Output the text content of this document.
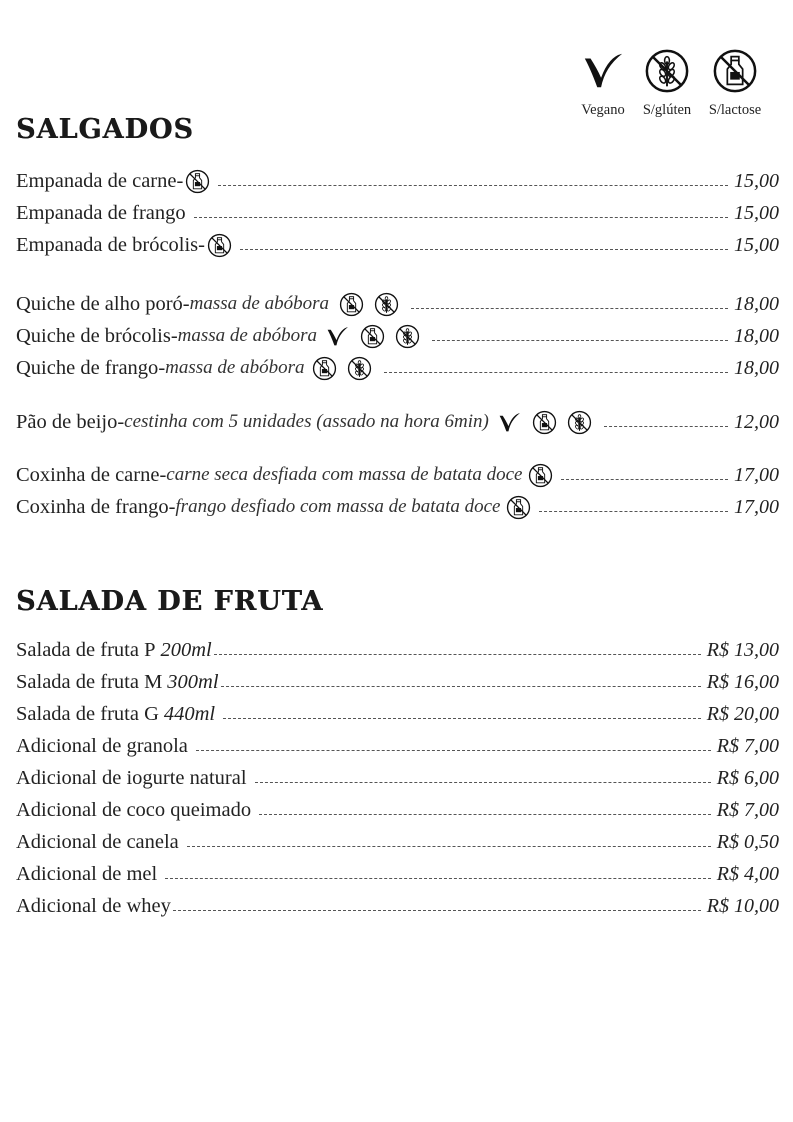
Vegano	S/glúten	S/lactose
SALGADOS
Empanada de carne -	15,00
Empanada de frango	15,00
Empanada de brócolis -	15,00
Quiche de alho poró - massa de abóbora	18,00
Quiche de brócolis - massa de abóbora	18,00
Quiche de frango - massa de abóbora	18,00
Pão de beijo - cestinha com 5 unidades (assado na hora 6min)	12,00
Coxinha de carne - carne seca desfiada com massa de batata doce	17,00
Coxinha de frango - frango desfiado com massa de batata doce	17,00
SALADA DE FRUTA
Salada de fruta P 200ml	R$ 13,00
Salada de fruta M 300ml	R$ 16,00
Salada de fruta G 440ml	R$ 20,00
Adicional de granola	R$ 7,00
Adicional de iogurte natural	R$ 6,00
Adicional de coco queimado	R$ 7,00
Adicional de canela	R$ 0,50
Adicional de mel	R$ 4,00
Adicional de whey	R$ 10,00
